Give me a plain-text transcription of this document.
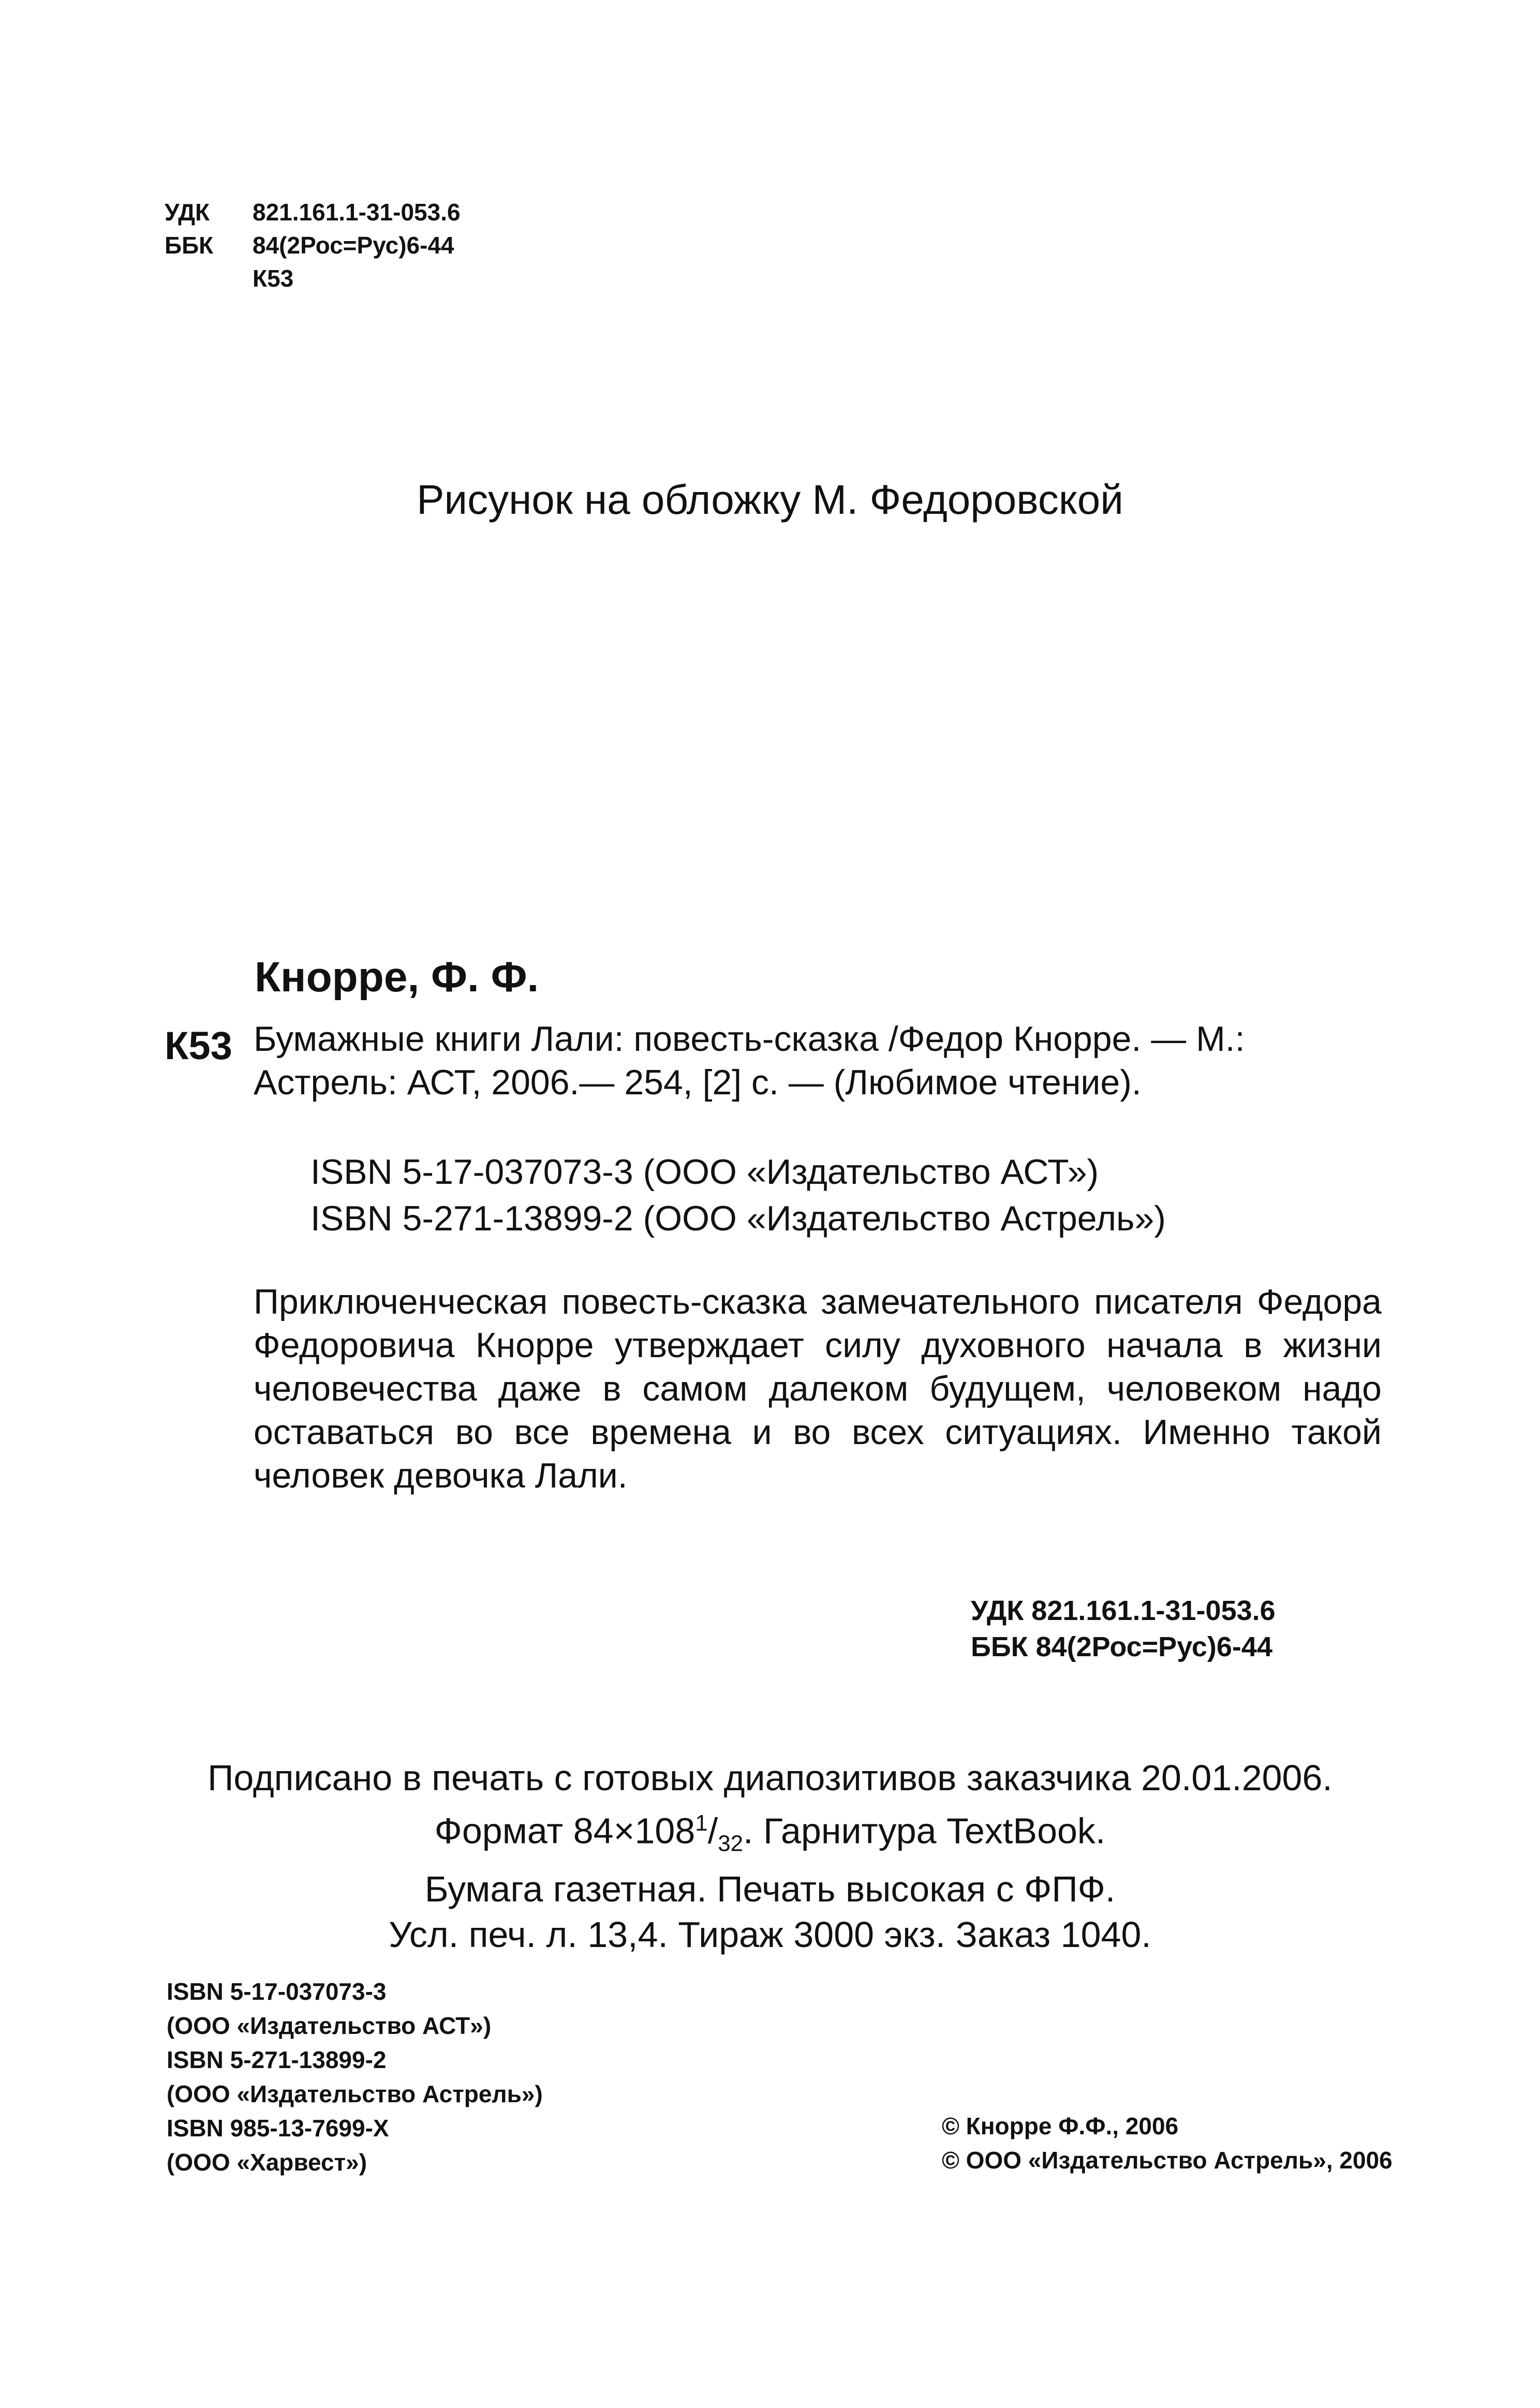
УДК	821.161.1-31-053.6
ББК	84(2Рос=Рус)6-44
К53
Рисунок на обложку М. Федоровской
Кнорре, Ф. Ф.
К53 Бумажные книги Лали: повесть-сказка /Федор Кнорре. — М.: Астрель: АСТ, 2006.— 254, [2] с. — (Любимое чтение).
ISBN 5-17-037073-3 (ООО «Издательство АСТ»)
ISBN 5-271-13899-2 (ООО «Издательство Астрель»)
Приключенческая повесть-сказка замечательного писателя Федора Федоровича Кнорре утверждает силу духовного начала в жизни человечества даже в самом далеком будущем, человеком надо оставаться во все времена и во всех ситуациях. Именно такой человек девочка Лали.
УДК 821.161.1-31-053.6
ББК 84(2Рос=Рус)6-44
Подписано в печать с готовых диапозитивов заказчика 20.01.2006.
Формат $84\times 108^1/_{32}$. Гарнитура TextBook.
Бумага газетная. Печать высокая с ФПФ.
Усл. печ. л. 13,4. Тираж 3000 экз. Заказ 1040.
ISBN 5-17-037073-3
(ООО «Издательство АСТ»)
ISBN 5-271-13899-2
(ООО «Издательство Астрель»)
ISBN 985-13-7699-X
(ООО «Харвест»)
© Кнорре Ф.Ф., 2006
© ООО «Издательство Астрель», 2006
